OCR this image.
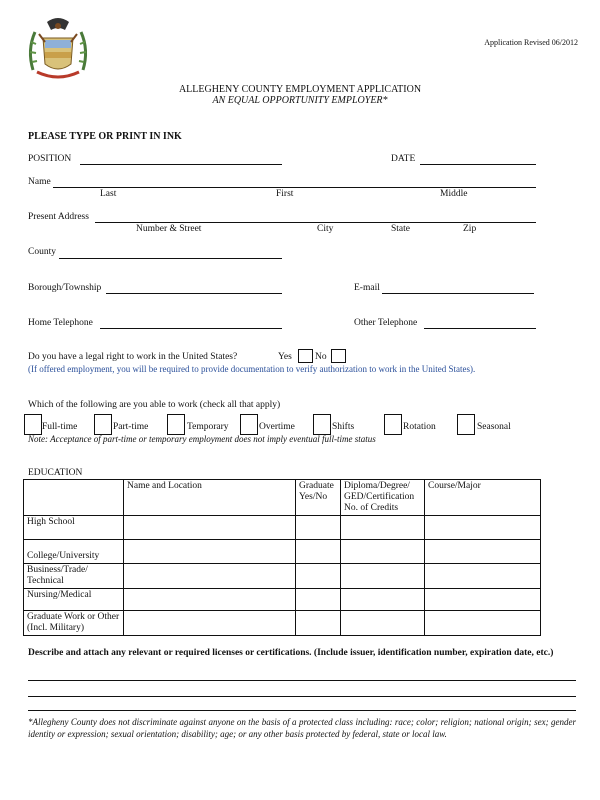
Application Revised 06/2012
ALLEGHENY COUNTY EMPLOYMENT APPLICATION
AN EQUAL OPPORTUNITY EMPLOYER*
PLEASE TYPE OR PRINT IN INK
POSITION	DATE
Name
Last	First	Middle
Present Address
Number & Street	City	State	Zip
County
Borough/Township	E-mail
Home Telephone	Other Telephone
Do you have a legal right to work in the United States?	Yes No
(If offered employment, you will be required to provide documentation to verify authorization to work in the United States).
Which of the following are you able to work (check all that apply)
Full-time	Part-time	Temporary	Overtime	Shifts	Rotation	Seasonal
Note: Acceptance of part-time or temporary employment does not imply eventual full-time status
EDUCATION
	Name and Location	Graduate Yes/No	Diploma/Degree/ GED/Certification No. of Credits	Course/Major
High School				
College/University				
Business/Trade/ Technical				
Nursing/Medical				
Graduate Work or Other (Incl. Military)				
Describe and attach any relevant or required licenses or certifications. (Include issuer, identification number, expiration date, etc.)
*Allegheny County does not discriminate against anyone on the basis of a protected class including: race; color; religion; national origin; sex; gender identity or expression; sexual orientation; disability; age; or any other basis protected by federal, state or local law.
